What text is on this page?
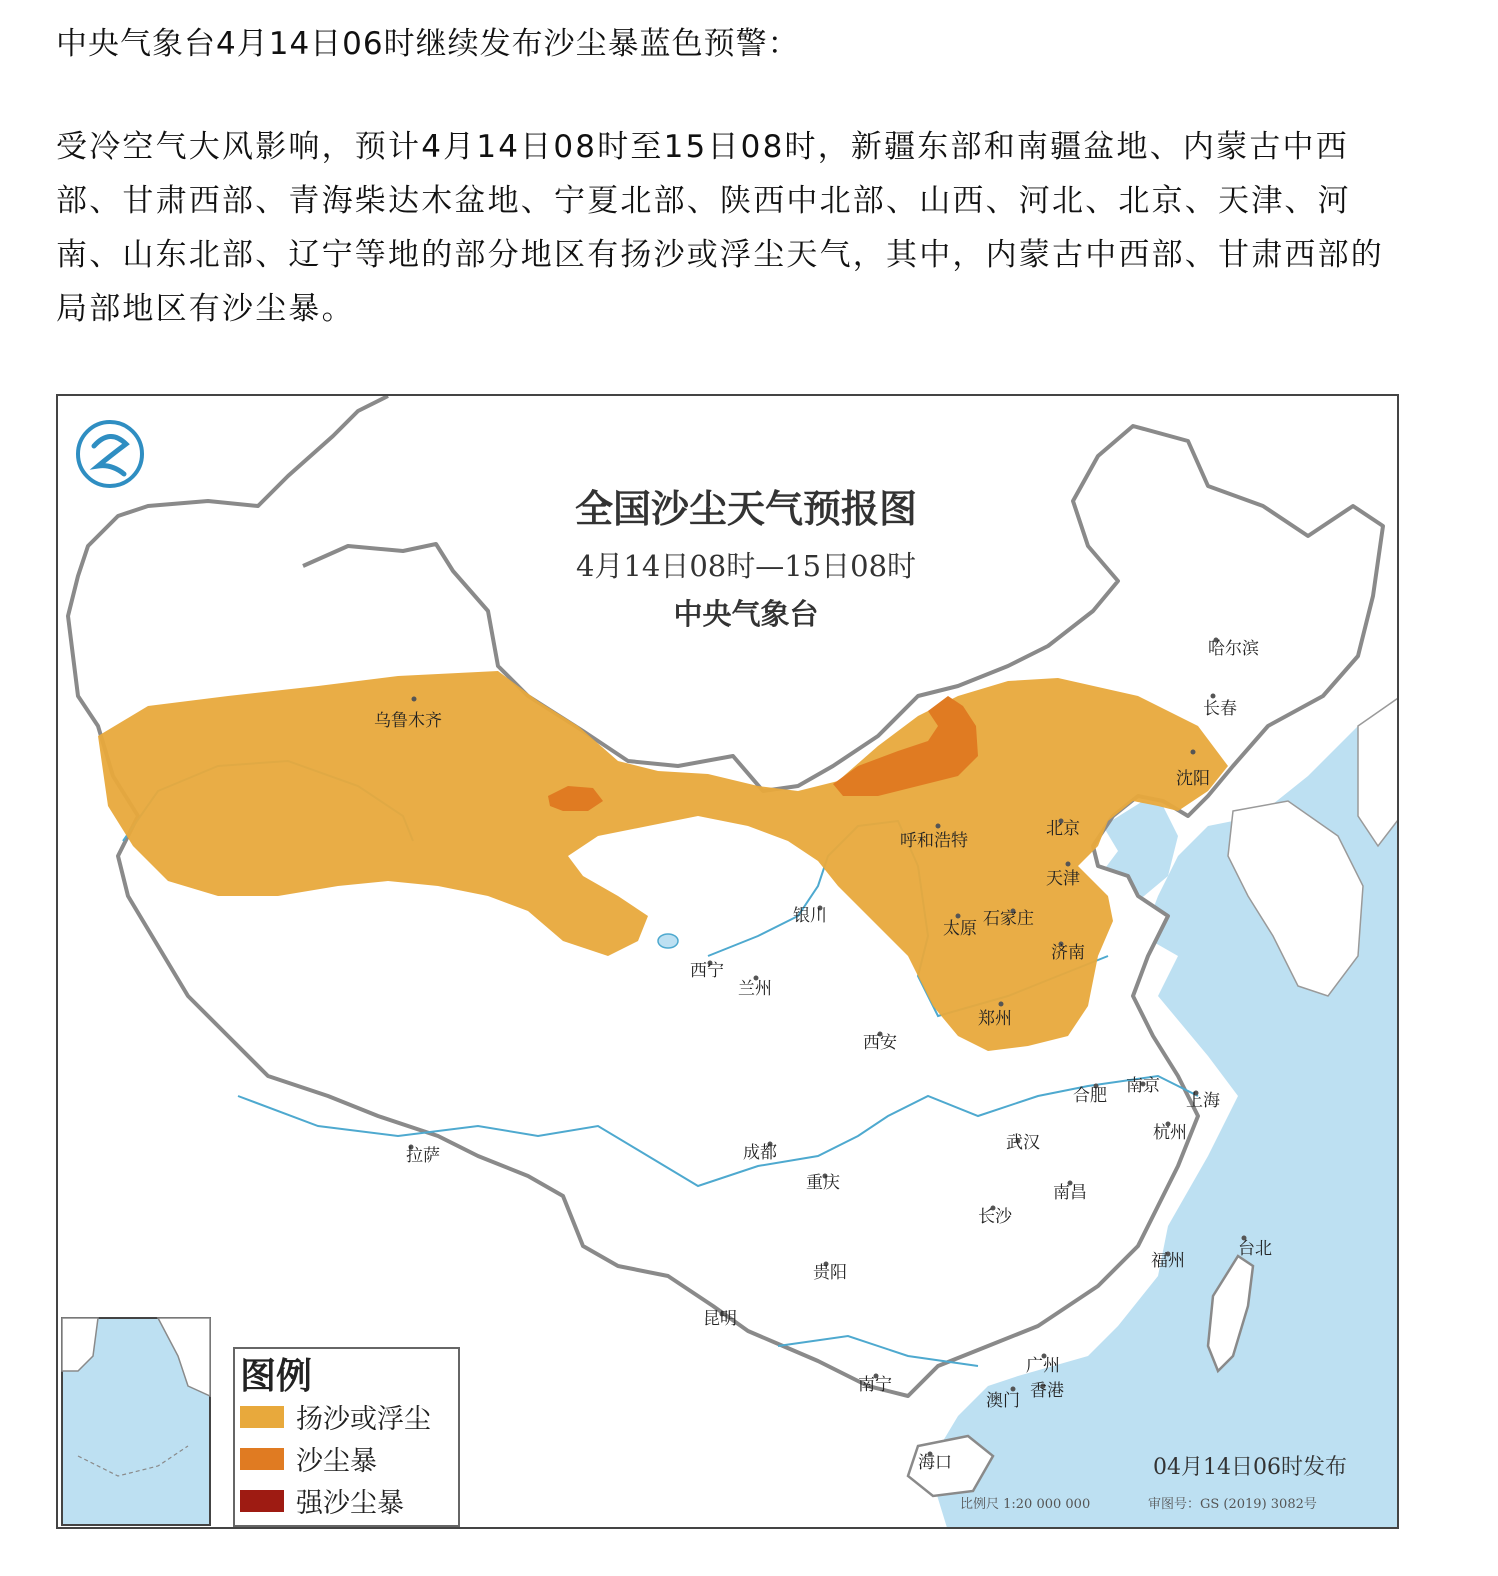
中央气象台4月14日06时继续发布沙尘暴蓝色预警：

受冷空气大风影响，预计4月14日08时至15日08时，新疆东部和南疆盆地、内蒙古中西部、甘肃西部、青海柴达木盆地、宁夏北部、陕西中北部、山西、河北、北京、天津、河南、山东北部、辽宁等地的部分地区有扬沙或浮尘天气，其中，内蒙古中西部、甘肃西部的局部地区有沙尘暴。

乌鲁木齐
哈尔滨
长春
沈阳
呼和浩特
北京
天津
银川
太原 石家庄
济南
西宁
兰州
郑州
西安
合肥 南京
上海
拉萨	成都	武汉	杭州
重庆	南昌
长沙
福州
台北
贵阳
昆明
广州
南宁
澳门 香港
海口
全国沙尘天气预报图
4月14日08时—15日08时
中央气象台
图例
扬沙或浮尘
沙尘暴
强沙尘暴
04月14日06时发布
比例尺 1:20 000 000	审图号：GS (2019) 3082号
